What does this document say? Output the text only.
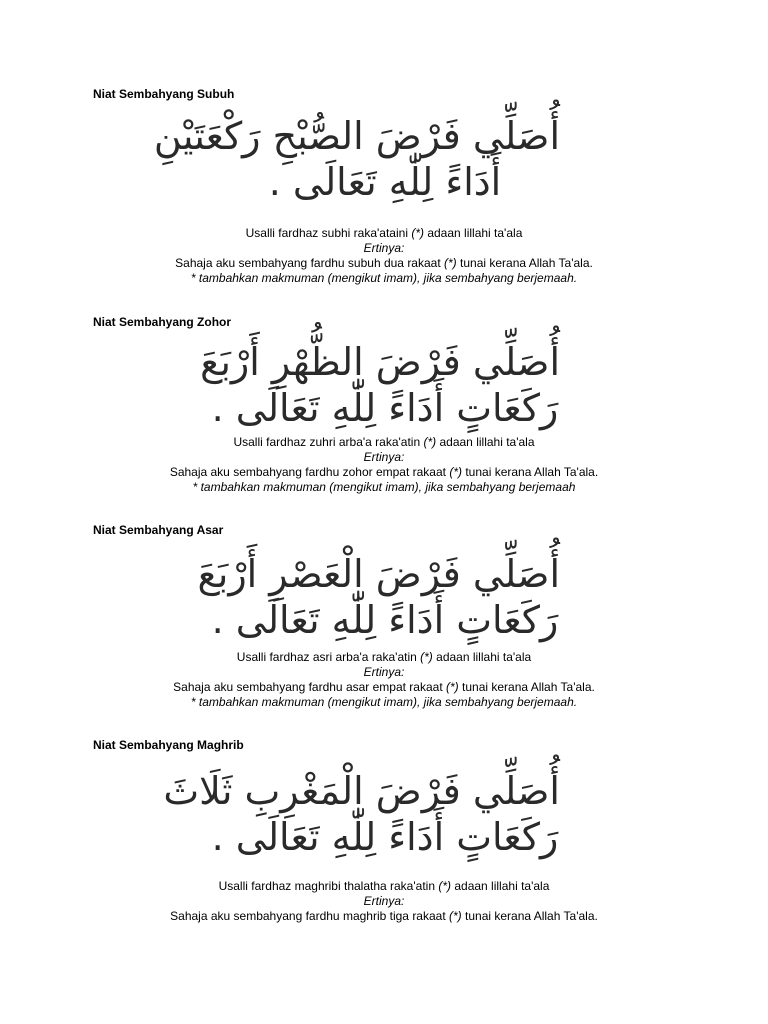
Niat Sembahyang Subuh
أُصَلِّي فَرْضَ الصُّبْحِ رَكْعَتَيْنِ
أَدَاءً لِلّٰهِ تَعَالَى .
Usalli fardhaz subhi raka'ataini (*) adaan lillahi ta'ala
Ertinya:
Sahaja aku sembahyang fardhu subuh dua rakaat (*) tunai kerana Allah Ta'ala.
* tambahkan makmuman (mengikut imam), jika sembahyang berjemaah.
Niat Sembahyang Zohor
أُصَلِّي فَرْضَ الظُّهْرِ أَرْبَعَ
رَكَعَاتٍ أَدَاءً لِلّٰهِ تَعَالَى .
Usalli fardhaz zuhri arba'a raka'atin (*) adaan lillahi ta'ala
Ertinya:
Sahaja aku sembahyang fardhu zohor empat rakaat (*) tunai kerana Allah Ta'ala.
* tambahkan makmuman (mengikut imam), jika sembahyang berjemaah
Niat Sembahyang Asar
أُصَلِّي فَرْضَ الْعَصْرِ أَرْبَعَ
رَكَعَاتٍ أَدَاءً لِلّٰهِ تَعَالَى .
Usalli fardhaz asri arba'a raka'atin (*) adaan lillahi ta'ala
Ertinya:
Sahaja aku sembahyang fardhu asar empat rakaat (*) tunai kerana Allah Ta'ala.
* tambahkan makmuman (mengikut imam), jika sembahyang berjemaah.
Niat Sembahyang Maghrib
أُصَلِّي فَرْضَ الْمَغْرِبِ ثَلَاثَ
رَكَعَاتٍ أَدَاءً لِلّٰهِ تَعَالَى .
Usalli fardhaz maghribi thalatha raka'atin (*) adaan lillahi ta'ala
Ertinya:
Sahaja aku sembahyang fardhu maghrib tiga rakaat (*) tunai kerana Allah Ta'ala.
